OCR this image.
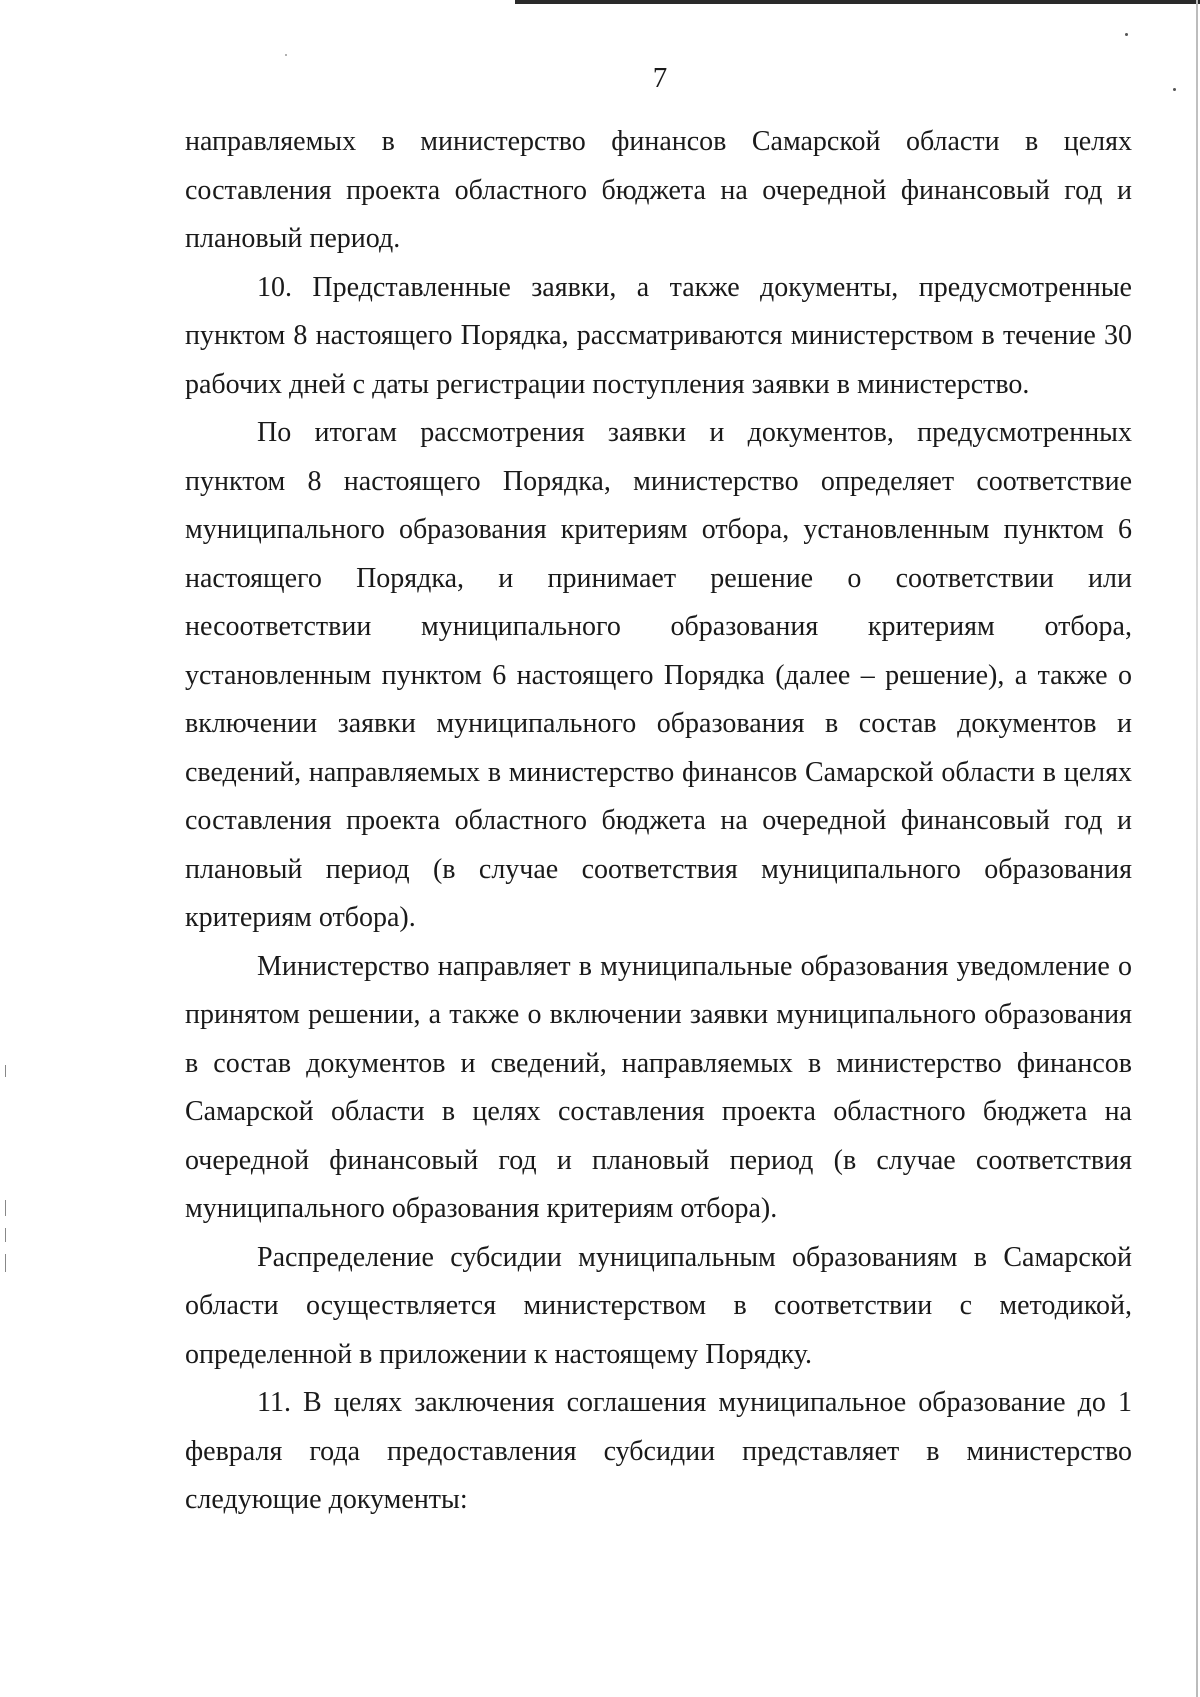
7

направляемых в министерство финансов Самарской области в целях составления проекта областного бюджета на очередной финансовый год и плановый период.

10. Представленные заявки, а также документы, предусмотренные пунктом 8 настоящего Порядка, рассматриваются министерством в течение 30 рабочих дней с даты регистрации поступления заявки в министерство.

По итогам рассмотрения заявки и документов, предусмотренных пунктом 8 настоящего Порядка, министерство определяет соответствие муниципального образования критериям отбора, установленным пунктом 6 настоящего Порядка, и принимает решение о соответствии или несоответствии муниципального образования критериям отбора, установленным пунктом 6 настоящего Порядка (далее – решение), а также о включении заявки муниципального образования в состав документов и сведений, направляемых в министерство финансов Самарской области в целях составления проекта областного бюджета на очередной финансовый год и плановый период (в случае соответствия муниципального образования критериям отбора).

Министерство направляет в муниципальные образования уведомление о принятом решении, а также о включении заявки муниципального образования в состав документов и сведений, направляемых в министерство финансов Самарской области в целях составления проекта областного бюджета на очередной финансовый год и плановый период (в случае соответствия муниципального образования критериям отбора).

Распределение субсидии муниципальным образованиям в Самарской области осуществляется министерством в соответствии с методикой, определенной в приложении к настоящему Порядку.

11. В целях заключения соглашения муниципальное образование до 1 февраля года предоставления субсидии представляет в министерство следующие документы:
